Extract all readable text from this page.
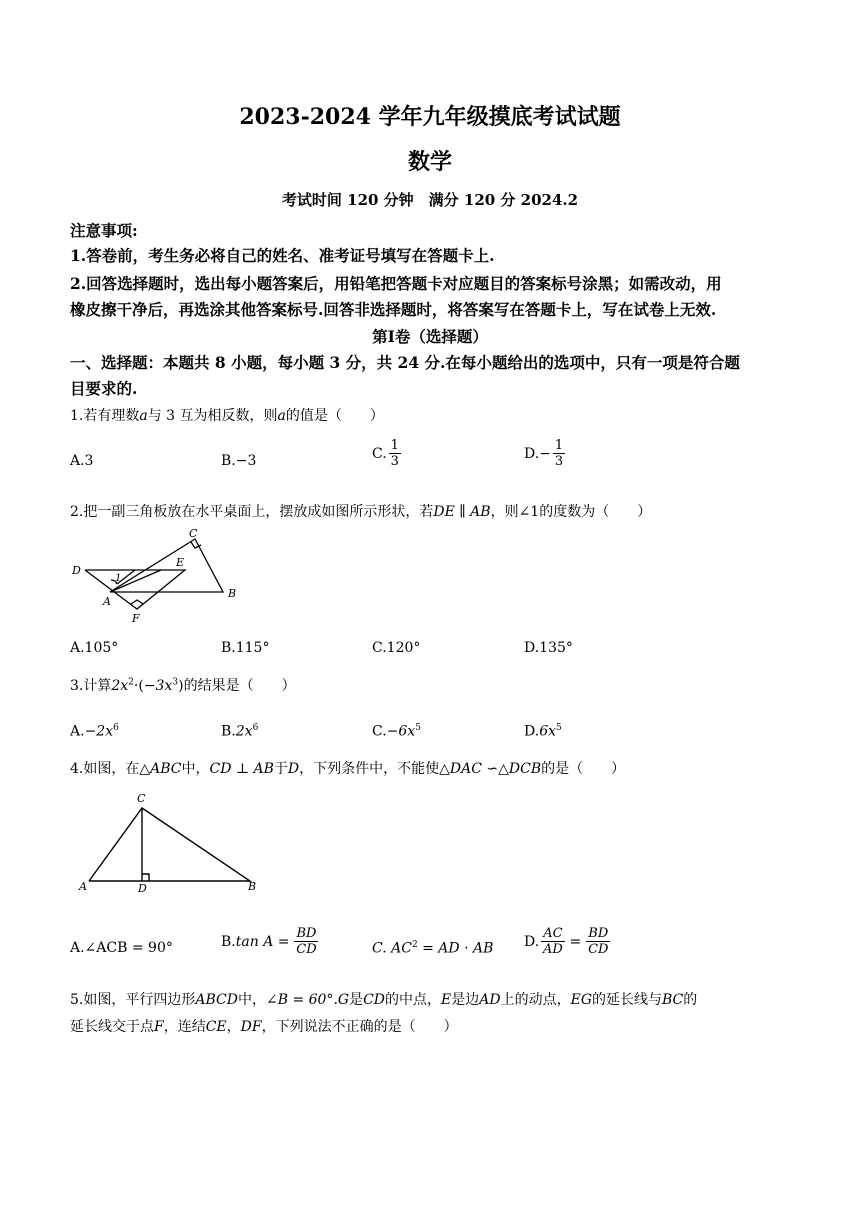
2023-2024 学年九年级摸底考试试题
数学
考试时间 120 分钟　满分 120 分 2024.2
注意事项:
1.答卷前，考生务必将自己的姓名、准考证号填写在答题卡上.
2.回答选择题时，选出每小题答案后，用铅笔把答题卡对应题目的答案标号涂黑；如需改动，用
橡皮擦干净后，再选涂其他答案标号.回答非选择题时，将答案写在答题卡上，写在试卷上无效.
第Ⅰ卷（选择题）
一、选择题：本题共 8 小题，每小题 3 分，共 24 分.在每小题给出的选项中，只有一项是符合题
目要求的.
1.若有理数a与 3 互为相反数，则a的值是（　　）
A.3	B.−3	C. $\frac{1}{3}$	D. − $\frac{1}{3}$
2.把一副三角板放在水平桌面上，摆放成如图所示形状，若DE ∥ AB，则∠1的度数为（　　）
C
D
E
A
B
F
1
A.105°	B.115°	C.120°	D.135°
3.计算$2x^2\cdot(-3x^3)$的结果是（　　）
$A.-2x^6$	$B.2x^6$	$C.-6x^5$	$D.6x^5$
4.如图，在△ABC中，CD ⊥ AB于D，下列条件中，不能使△DAC ∽△DCB的是（　　）
C
A	D	B
A.∠ACB = 90°	B. $\tan A = \frac{BD}{CD}$	C. $AC^2$ = AD · AB D. $\frac{AC}{AD} = \frac{BD}{CD}$
5.如图，平行四边形ABCD中，∠B = 60°.G是CD的中点，E是边AD上的动点，EG的延长线与BC的
延长线交于点F，连结CE，DF，下列说法不正确的是（　　）
